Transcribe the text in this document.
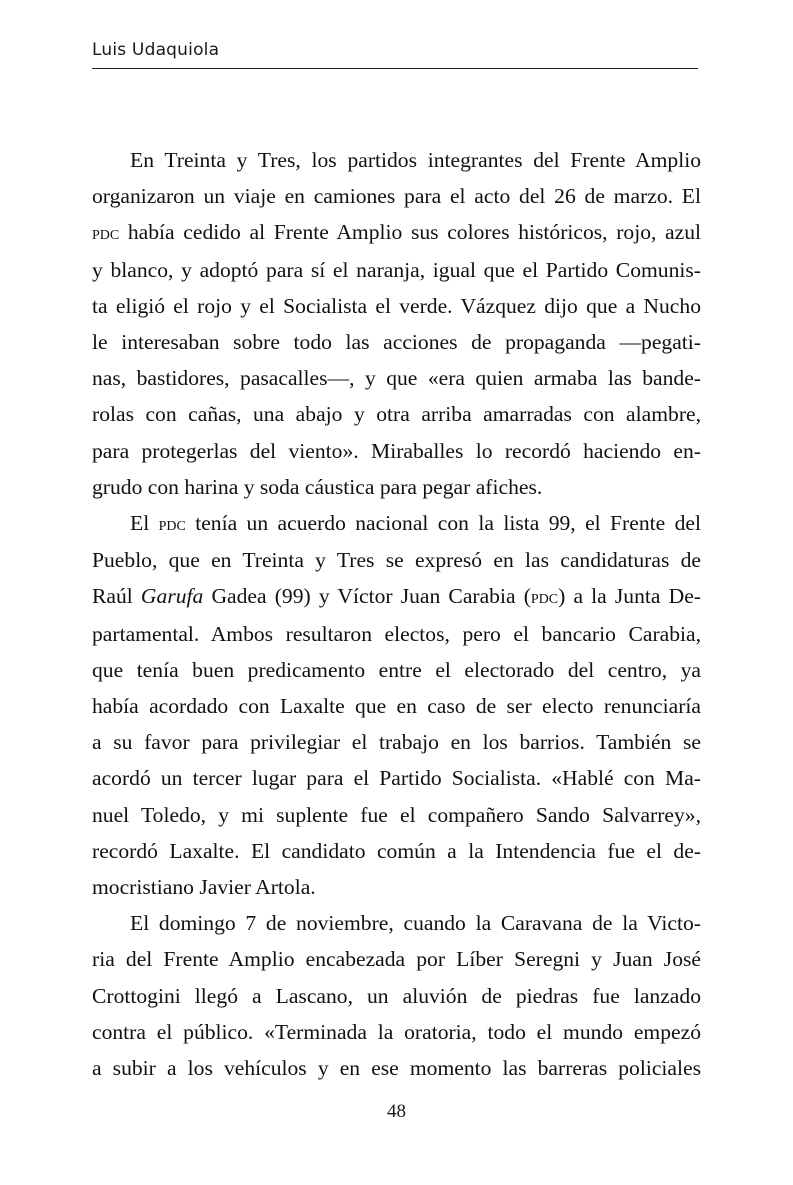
Luis Udaquiola
En Treinta y Tres, los partidos integrantes del Frente Amplio
organizaron un viaje en camiones para el acto del 26 de marzo. El
pdc había cedido al Frente Amplio sus colores históricos, rojo, azul
y blanco, y adoptó para sí el naranja, igual que el Partido Comunis-
ta eligió el rojo y el Socialista el verde. Vázquez dijo que a Nucho
le interesaban sobre todo las acciones de propaganda —pegati-
nas, bastidores, pasacalles—, y que «era quien armaba las bande-
rolas con cañas, una abajo y otra arriba amarradas con alambre,
para protegerlas del viento». Miraballes lo recordó haciendo en-
grudo con harina y soda cáustica para pegar afiches.
El pdc tenía un acuerdo nacional con la lista 99, el Frente del
Pueblo, que en Treinta y Tres se expresó en las candidaturas de
Raúl Garufa Gadea (99) y Víctor Juan Carabia (pdc) a la Junta De-
partamental. Ambos resultaron electos, pero el bancario Carabia,
que tenía buen predicamento entre el electorado del centro, ya
había acordado con Laxalte que en caso de ser electo renunciaría
a su favor para privilegiar el trabajo en los barrios. También se
acordó un tercer lugar para el Partido Socialista. «Hablé con Ma-
nuel Toledo, y mi suplente fue el compañero Sando Salvarrey»,
recordó Laxalte. El candidato común a la Intendencia fue el de-
mocristiano Javier Artola.
El domingo 7 de noviembre, cuando la Caravana de la Victo-
ria del Frente Amplio encabezada por Líber Seregni y Juan José
Crottogini llegó a Lascano, un aluvión de piedras fue lanzado
contra el público. «Terminada la oratoria, todo el mundo empezó
a subir a los vehículos y en ese momento las barreras policiales
48
